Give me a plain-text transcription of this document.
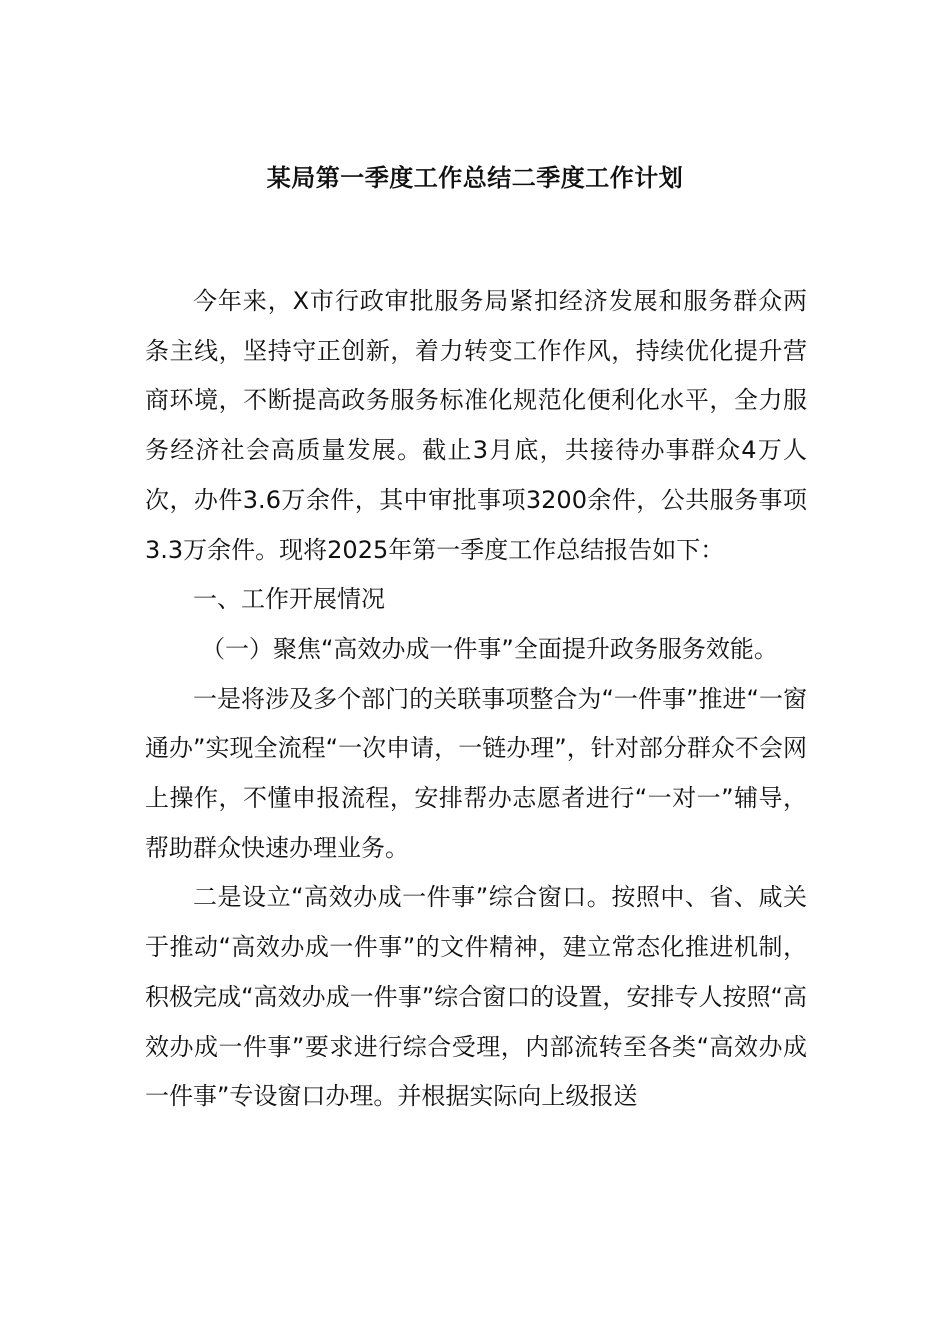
某局第一季度工作总结二季度工作计划

今年来，X市行政审批服务局紧扣经济发展和服务群众两条主线，坚持守正创新，着力转变工作作风，持续优化提升营商环境，不断提高政务服务标准化规范化便利化水平，全力服务经济社会高质量发展。截止3月底，共接待办事群众4万人次，办件3.6万余件，其中审批事项3200余件，公共服务事项3.3万余件。现将2025年第一季度工作总结报告如下：

一、工作开展情况

（一）聚焦“高效办成一件事”全面提升政务服务效能。

一是将涉及多个部门的关联事项整合为“一件事”推进“一窗通办”实现全流程“一次申请，一链办理”，针对部分群众不会网上操作，不懂申报流程，安排帮办志愿者进行“一对一”辅导，帮助群众快速办理业务。

二是设立“高效办成一件事”综合窗口。按照中、省、咸关于推动“高效办成一件事”的文件精神，建立常态化推进机制，积极完成“高效办成一件事”综合窗口的设置，安排专人按照“高效办成一件事”要求进行综合受理，内部流转至各类“高效办成一件事”专设窗口办理。并根据实际向上级报送
